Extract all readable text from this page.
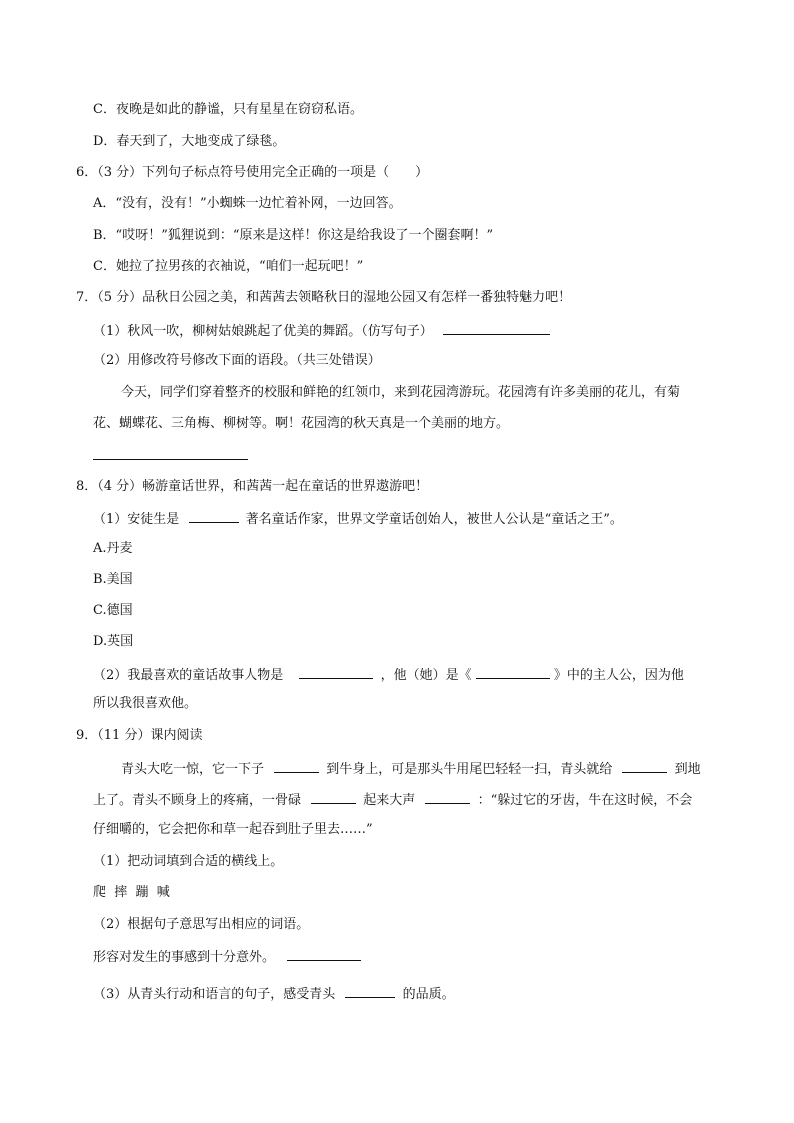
C．夜晚是如此的静谧，只有星星在窃窃私语。
D．春天到了，大地变成了绿毯。
6．（3 分）下列句子标点符号使用完全正确的一项是（　　）
A．“没有，没有！”小蜘蛛一边忙着补网，一边回答。
B．“哎呀！”狐狸说到：“原来是这样！你这是给我设了一个圈套啊！”
C．她拉了拉男孩的衣袖说，“咱们一起玩吧！”
7．（5 分）品秋日公园之美，和茜茜去领略秋日的湿地公园又有怎样一番独特魅力吧！
（1）秋风一吹，柳树姑娘跳起了优美的舞蹈。（仿写句子）
（2）用修改符号修改下面的语段。（共三处错误）
今天，同学们穿着整齐的校服和鲜艳的红领巾，来到花园湾游玩。花园湾有许多美丽的花儿，有菊
花、蝴蝶花、三角梅、柳树等。啊！花园湾的秋天真是一个美丽的地方。
8．（4 分）畅游童话世界，和茜茜一起在童话的世界遨游吧！
（1）安徒生是	著名童话作家，世界文学童话创始人，被世人公认是“童话之王”。
A.丹麦
B.美国
C.德国
D.英国
（2）我最喜欢的童话故事人物是	，他（她）是《	》中的主人公，因为他
所以我很喜欢他。
9．（11 分）课内阅读
青头大吃一惊，它一下子	到牛身上，可是那头牛用尾巴轻轻一扫，青头就给	到地
上了。青头不顾身上的疼痛，一骨碌	起来大声	：“躲过它的牙齿，牛在这时候，不会
仔细嚼的，它会把你和草一起吞到肚子里去……”
（1）把动词填到合适的横线上。
爬  摔  蹦  喊
（2）根据句子意思写出相应的词语。
形容对发生的事感到十分意外。
（3）从青头行动和语言的句子，感受青头	的品质。
